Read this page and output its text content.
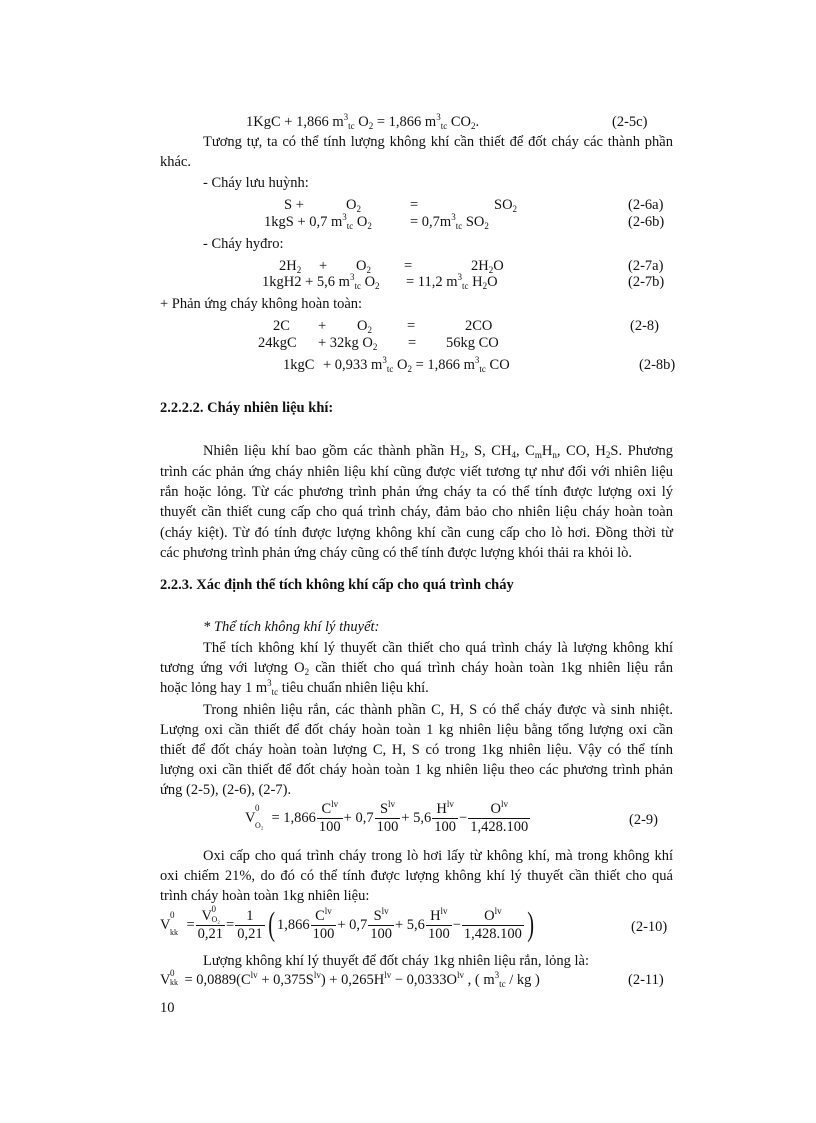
1KgC + 1,866 $m^3_{tc}$ $O_2 = 1,866$ $m^3_{tc}$ $CO_2$.	(2-5c)
Tương tự, ta có thể tính lượng không khí cần thiết để đốt cháy các thành phần
khác.
- Cháy lưu huỳnh:
S +	$O_2$	=	$SO_2$	(2-6a)
1kgS + 0,7 $m^3_{tc}$ $O_2$	= $0,7m^3_{tc}$ $SO_2$	(2-6b)
- Cháy hyđro:
$2H_2 + O_2$ =	$2H_2O$	(2-7a)
1kgH2 + 5,6 $m^3_{tc}$ $O_2 = 11,2$ $m^3_{tc}$ $H_2O$	(2-7b)
+ Phản ứng cháy không hoàn toàn:
$2C + O_2$ =	2CO	(2-8)
24kgC + 32kg $O_2 = 56kg$ CO
1kgC + 0,933 $m^3_{tc}$ $O_2 = 1,866$ $m^3_{tc}$ CO	(2-8b)
2.2.2.2. Cháy nhiên liệu khí:
Nhiên liệu khí bao gồm các thành phần $H_2$, S, $CH_4$, $C_mH_n$, CO, $H_2S$. Phương
trình các phản ứng cháy nhiên liệu khí cũng được viết tương tự như đối với nhiên liệu
rắn hoặc lỏng. Từ các phương trình phản ứng cháy ta có thể tính được lượng oxi lý
thuyết cần thiết cung cấp cho quá trình cháy, đảm bảo cho nhiên liệu cháy hoàn toàn
(cháy kiệt). Từ đó tính được lượng không khí cần cung cấp cho lò hơi. Đồng thời từ
các phương trình phản ứng cháy cũng có thể tính được lượng khói thải ra khỏi lò.
2.2.3. Xác định thể tích không khí cấp cho quá trình cháy
* Thể tích không khí lý thuyết:
Thể tích không khí lý thuyết cần thiết cho quá trình cháy là lượng không khí
tương ứng với lượng $O_2$ cần thiết cho quá trình cháy hoàn toàn 1kg nhiên liệu rắn
hoặc lỏng hay 1 $m^3_{tc}$ tiêu chuẩn nhiên liệu khí.
Trong nhiên liệu rắn, các thành phần C, H, S có thể cháy được và sinh nhiệt.
Lượng oxi cần thiết để đốt cháy hoàn toàn 1 kg nhiên liệu bằng tổng lượng oxi cần
thiết để đốt cháy hoàn toàn lượng C, H, S có trong 1kg nhiên liệu. Vậy có thể tính
lượng oxi cần thiết để đốt cháy hoàn toàn 1 kg nhiên liệu theo các phương trình phản
ứng (2-5), (2-6), (2-7).
V
0
$O_2 = 1,866 \frac{C^{lv}}{100} + 0,7 \frac{S^{lv}}{100} + 5,6 \frac{H^{lv}}{100} - \frac{O^{lv}}{1,428.100}$	(2-9)
Oxi cấp cho quá trình cháy trong lò hơi lấy từ không khí, mà trong không khí
oxi chiếm 21%, do đó có thể tính được lượng không khí lý thuyết cần thiết cho quá
trình cháy hoàn toàn 1kg nhiên liệu:
V
0
kk = V 0
O₂

$0,21 = \frac{1}{0,21}$ ( $1,866 \frac{C^{lv}}{100} + 0,7 \frac{S^{lv}}{100} + 5,6 \frac{H^{lv}}{100} - \frac{O^{lv}}{1,428.100}$ )	(2-10)
Lượng không khí lý thuyết để đốt cháy 1kg nhiên liệu rắn, lỏng là:
V 0
kk = $0,0889(C^{lv} + 0,375S^{lv}) + 0,265H^{lv} - 0,0333O^{lv}$ , ( $m^3_{tc}$ / kg )	(2-11)
10
